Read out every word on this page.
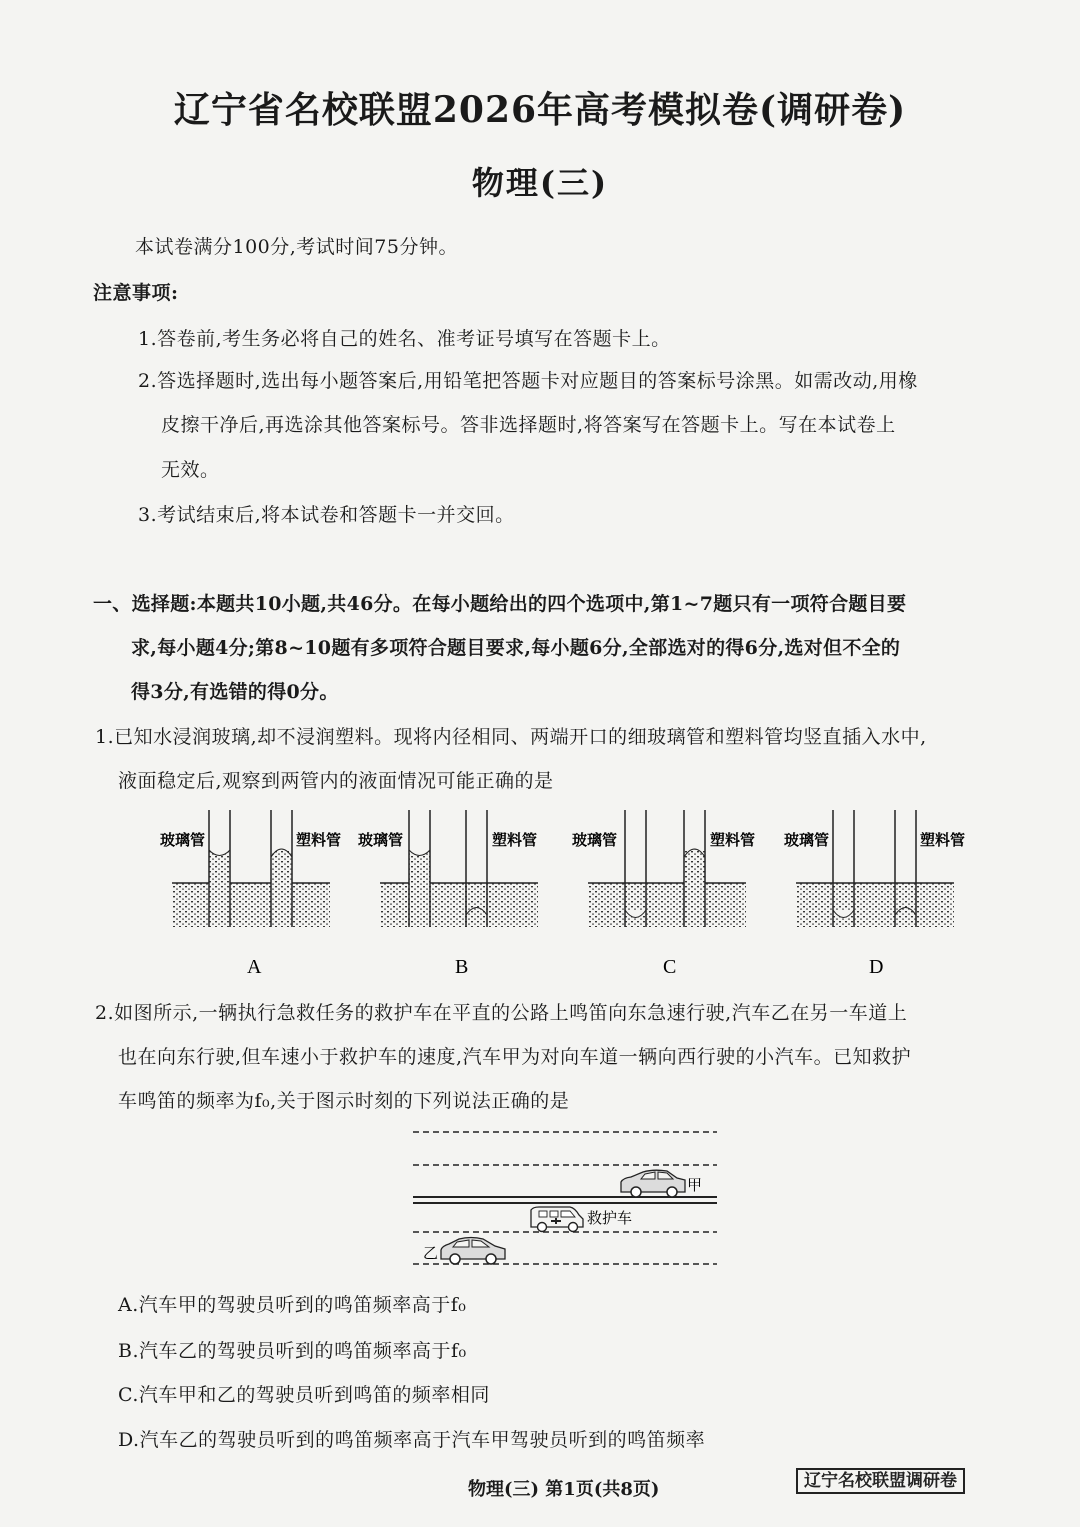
辽宁省名校联盟2026年高考模拟卷(调研卷)
物理(三)
本试卷满分100分,考试时间75分钟。
注意事项:
1.答卷前,考生务必将自己的姓名、准考证号填写在答题卡上。
2.答选择题时,选出每小题答案后,用铅笔把答题卡对应题目的答案标号涂黑。如需改动,用橡
皮擦干净后,再选涂其他答案标号。答非选择题时,将答案写在答题卡上。写在本试卷上
无效。
3.考试结束后,将本试卷和答题卡一并交回。
一、选择题:本题共10小题,共46分。在每小题给出的四个选项中,第1~7题只有一项符合题目要
求,每小题4分;第8~10题有多项符合题目要求,每小题6分,全部选对的得6分,选对但不全的
得3分,有选错的得0分。
1.已知水浸润玻璃,却不浸润塑料。现将内径相同、两端开口的细玻璃管和塑料管均竖直插入水中,
液面稳定后,观察到两管内的液面情况可能正确的是
玻璃管	塑料管 玻璃管	塑料管 玻璃管	塑料管 玻璃管	塑料管
A	B	C	D
2.如图所示,一辆执行急救任务的救护车在平直的公路上鸣笛向东急速行驶,汽车乙在另一车道上
也在向东行驶,但车速小于救护车的速度,汽车甲为对向车道一辆向西行驶的小汽车。已知救护
车鸣笛的频率为f₀,关于图示时刻的下列说法正确的是
甲
救护车
乙
A.汽车甲的驾驶员听到的鸣笛频率高于f₀
B.汽车乙的驾驶员听到的鸣笛频率高于f₀
C.汽车甲和乙的驾驶员听到鸣笛的频率相同
D.汽车乙的驾驶员听到的鸣笛频率高于汽车甲驾驶员听到的鸣笛频率
物理(三) 第1页(共8页)	辽宁名校联盟调研卷
